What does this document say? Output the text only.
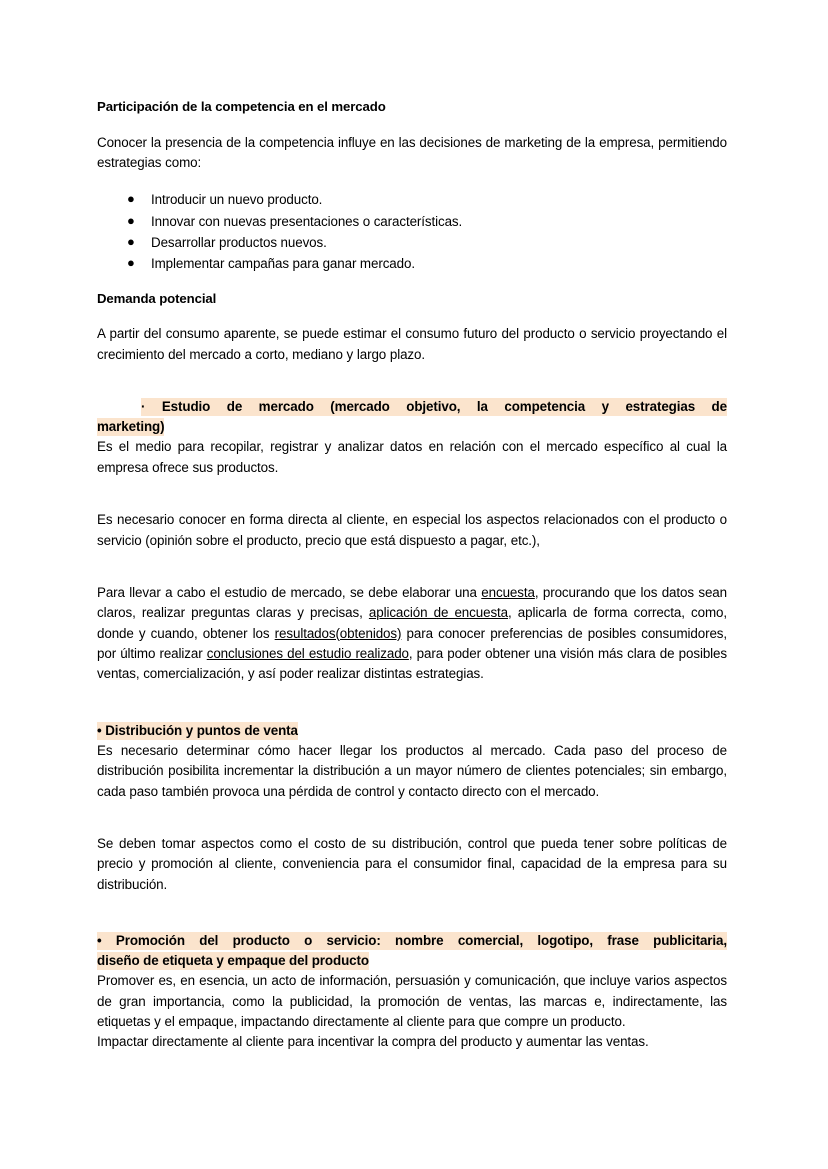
Participación de la competencia en el mercado

Conocer la presencia de la competencia influye en las decisiones de marketing de la empresa, permitiendo estrategias como:

● Introducir un nuevo producto.
● Innovar con nuevas presentaciones o características.
● Desarrollar productos nuevos.
● Implementar campañas para ganar mercado.
Demanda potencial

A partir del consumo aparente, se puede estimar el consumo futuro del producto o servicio proyectando el crecimiento del mercado a corto, mediano y largo plazo.

· Estudio de mercado (mercado objetivo, la competencia y estrategias de

marketing)

Es el medio para recopilar, registrar y analizar datos en relación con el mercado específico al cual la empresa ofrece sus productos.

Es necesario conocer en forma directa al cliente, en especial los aspectos relacionados con el producto o servicio (opinión sobre el producto, precio que está dispuesto a pagar, etc.),

Para llevar a cabo el estudio de mercado, se debe elaborar una encuesta, procurando que los datos sean claros, realizar preguntas claras y precisas, aplicación de encuesta, aplicarla de forma correcta, como, donde y cuando, obtener los resultados(obtenidos) para conocer preferencias de posibles consumidores, por último realizar conclusiones del estudio realizado, para poder obtener una visión más clara de posibles ventas, comercialización, y así poder realizar distintas estrategias.

• Distribución y puntos de venta

Es necesario determinar cómo hacer llegar los productos al mercado. Cada paso del proceso de distribución posibilita incrementar la distribución a un mayor número de clientes potenciales; sin embargo, cada paso también provoca una pérdida de control y contacto directo con el mercado.

Se deben tomar aspectos como el costo de su distribución, control que pueda tener sobre políticas de precio y promoción al cliente, conveniencia para el consumidor final, capacidad de la empresa para su distribución.

• Promoción del producto o servicio: nombre comercial, logotipo, frase publicitaria,

diseño de etiqueta y empaque del producto

Promover es, en esencia, un acto de información, persuasión y comunicación, que incluye varios aspectos de gran importancia, como la publicidad, la promoción de ventas, las marcas e, indirectamente, las etiquetas y el empaque, impactando directamente al cliente para que compre un producto.

Impactar directamente al cliente para incentivar la compra del producto y aumentar las ventas.
